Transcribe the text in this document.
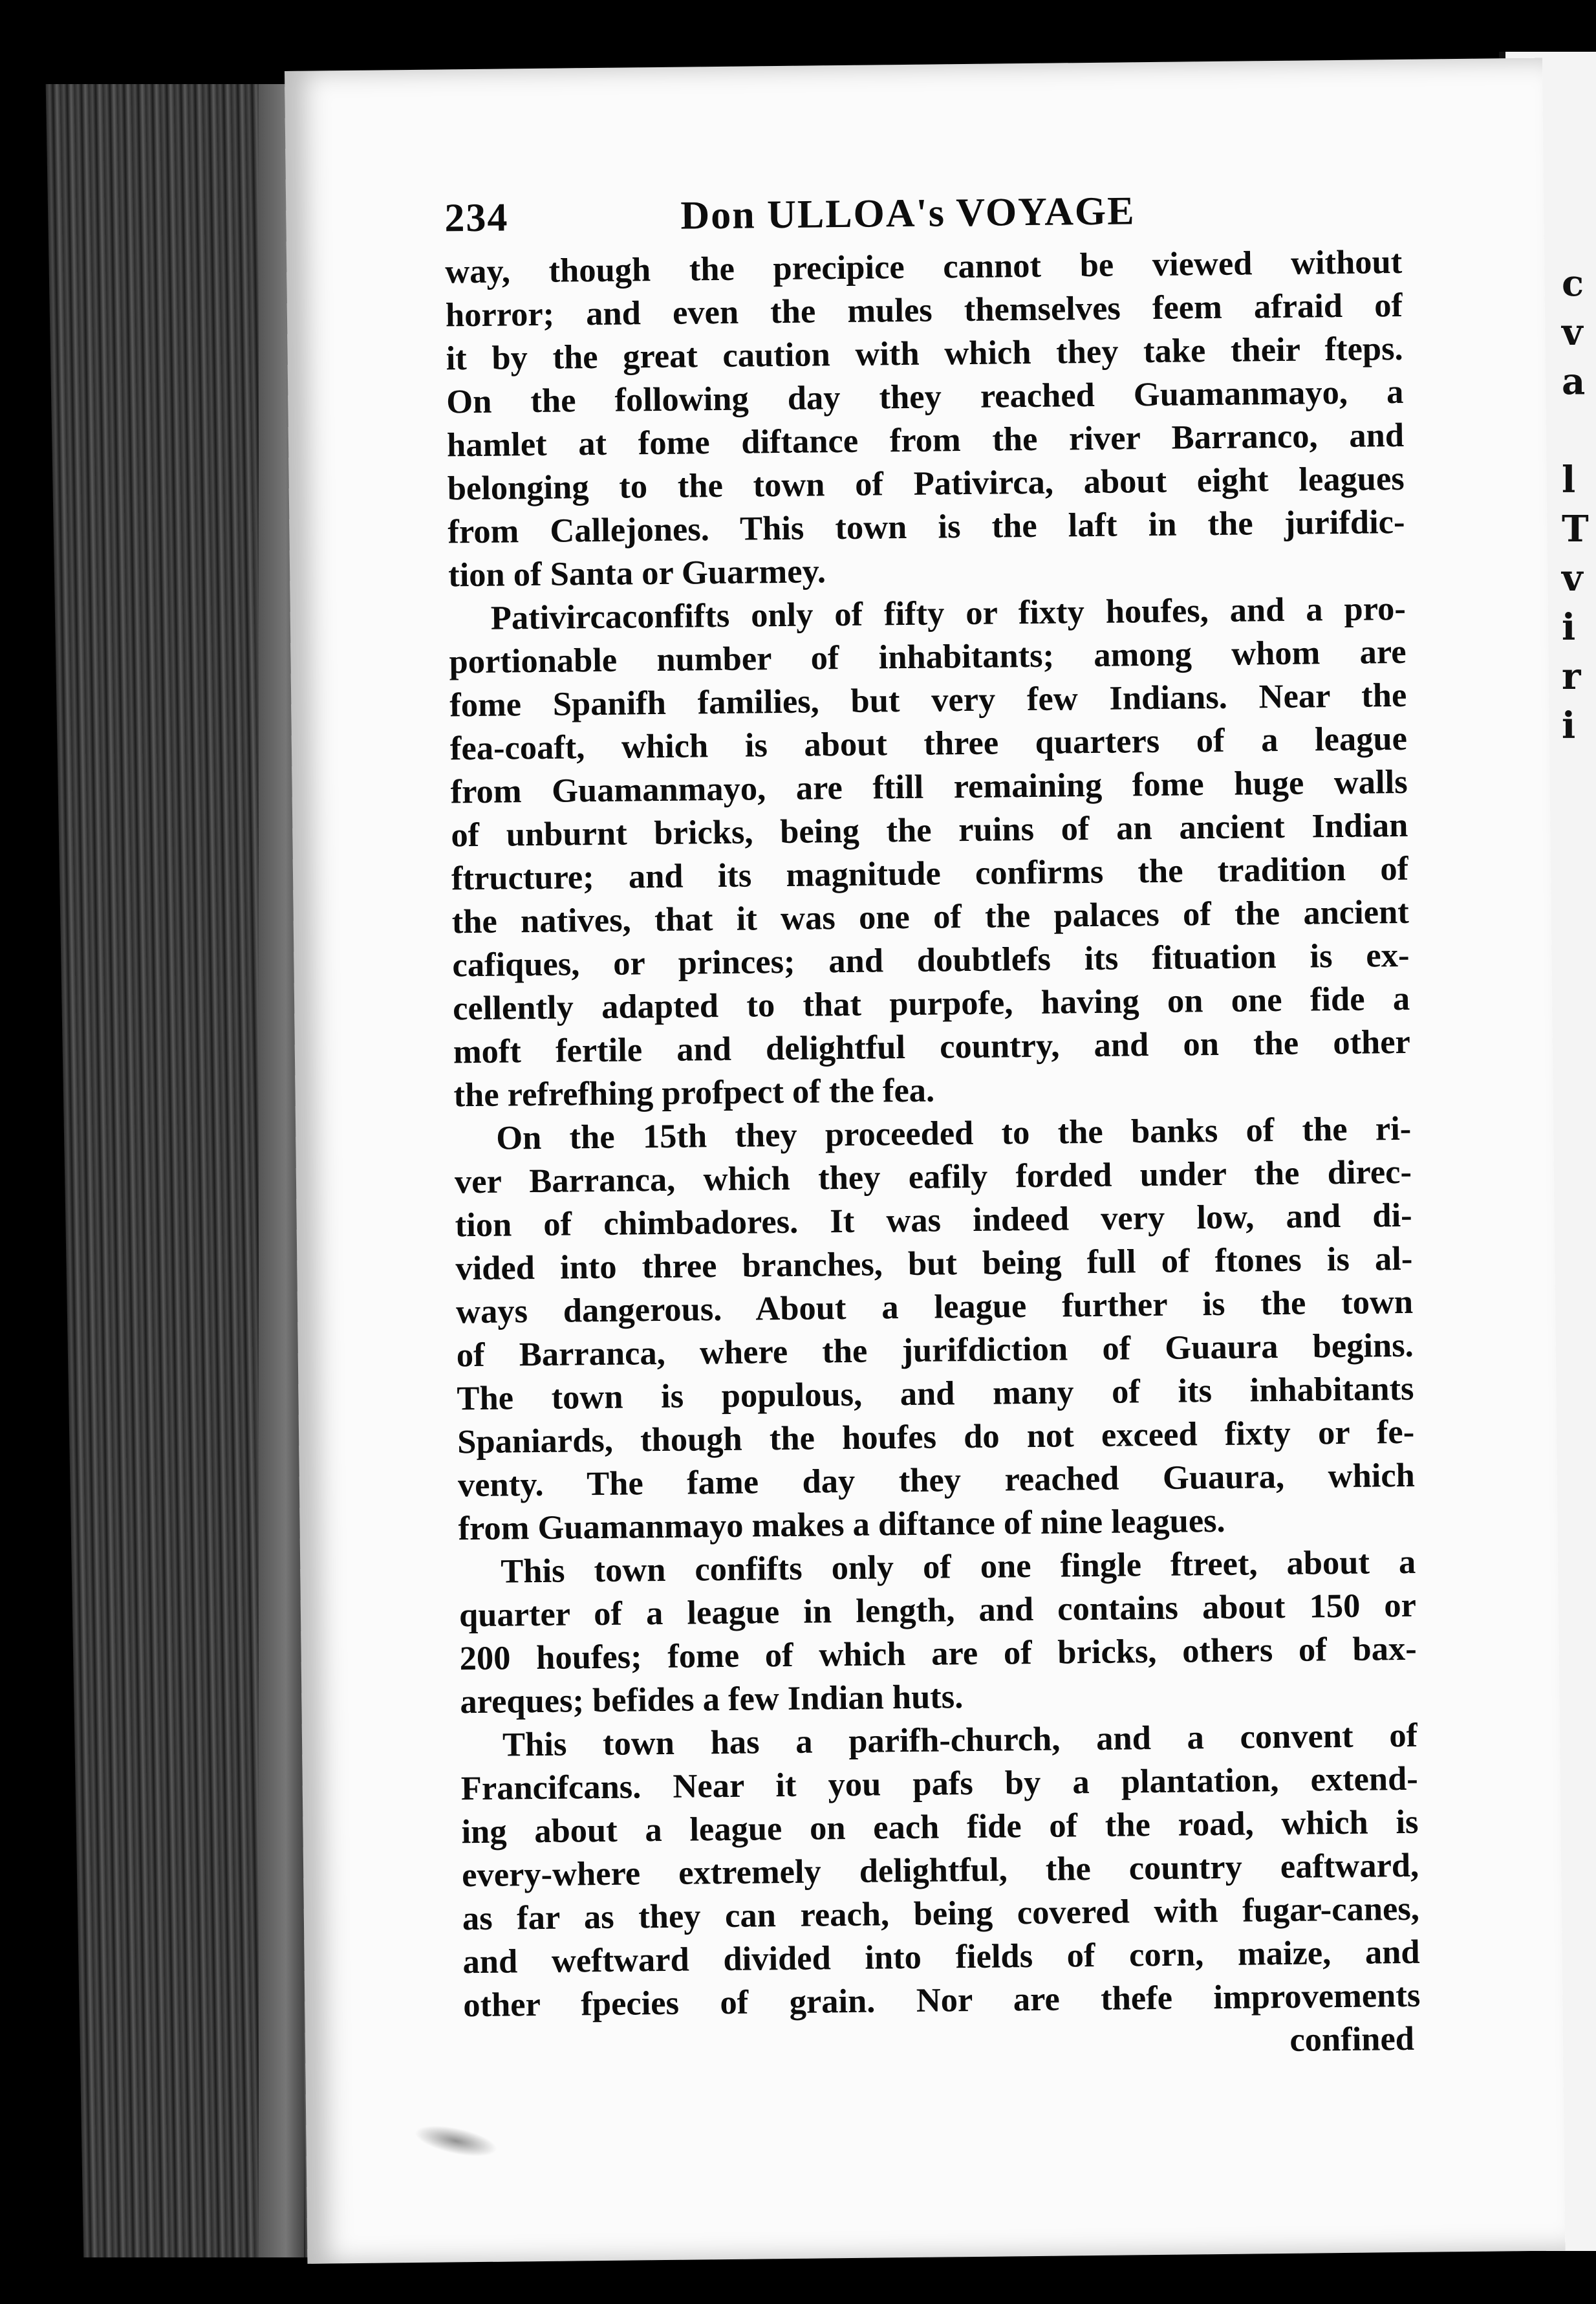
c
v
a

l
T
v
i
r
i
234	Don ULLOA's VOYAGE
way, though the precipice cannot be viewed without
horror; and even the mules themselves feem afraid of
it by the great caution with which they take their fteps.
On the following day they reached Guamanmayo, a
hamlet at fome diftance from the river Barranco, and
belonging to the town of Pativirca, about eight leagues
from Callejones. This town is the laft in the jurifdic-
tion of Santa or Guarmey.
Pativircaconfifts only of fifty or fixty houfes, and a pro-
portionable number of inhabitants; among whom are
fome Spanifh families, but very few Indians. Near the
fea-coaft, which is about three quarters of a league
from Guamanmayo, are ftill remaining fome huge walls
of unburnt bricks, being the ruins of an ancient Indian
ftructure; and its magnitude confirms the tradition of
the natives, that it was one of the palaces of the ancient
cafiques, or princes; and doubtlefs its fituation is ex-
cellently adapted to that purpofe, having on one fide a
moft fertile and delightful country, and on the other
the refrefhing profpect of the fea.
On the 15th they proceeded to the banks of the ri-
ver Barranca, which they eafily forded under the direc-
tion of chimbadores. It was indeed very low, and di-
vided into three branches, but being full of ftones is al-
ways dangerous. About a league further is the town
of Barranca, where the jurifdiction of Guaura begins.
The town is populous, and many of its inhabitants
Spaniards, though the houfes do not exceed fixty or fe-
venty. The fame day they reached Guaura, which
from Guamanmayo makes a diftance of nine leagues.
This town confifts only of one fingle ftreet, about a
quarter of a league in length, and contains about 150 or
200 houfes; fome of which are of bricks, others of bax-
areques; befides a few Indian huts.
This town has a parifh-church, and a convent of
Francifcans. Near it you pafs by a plantation, extend-
ing about a league on each fide of the road, which is
every-where extremely delightful, the country eaftward,
as far as they can reach, being covered with fugar-canes,
and weftward divided into fields of corn, maize, and
other fpecies of grain. Nor are thefe improvements
confined
